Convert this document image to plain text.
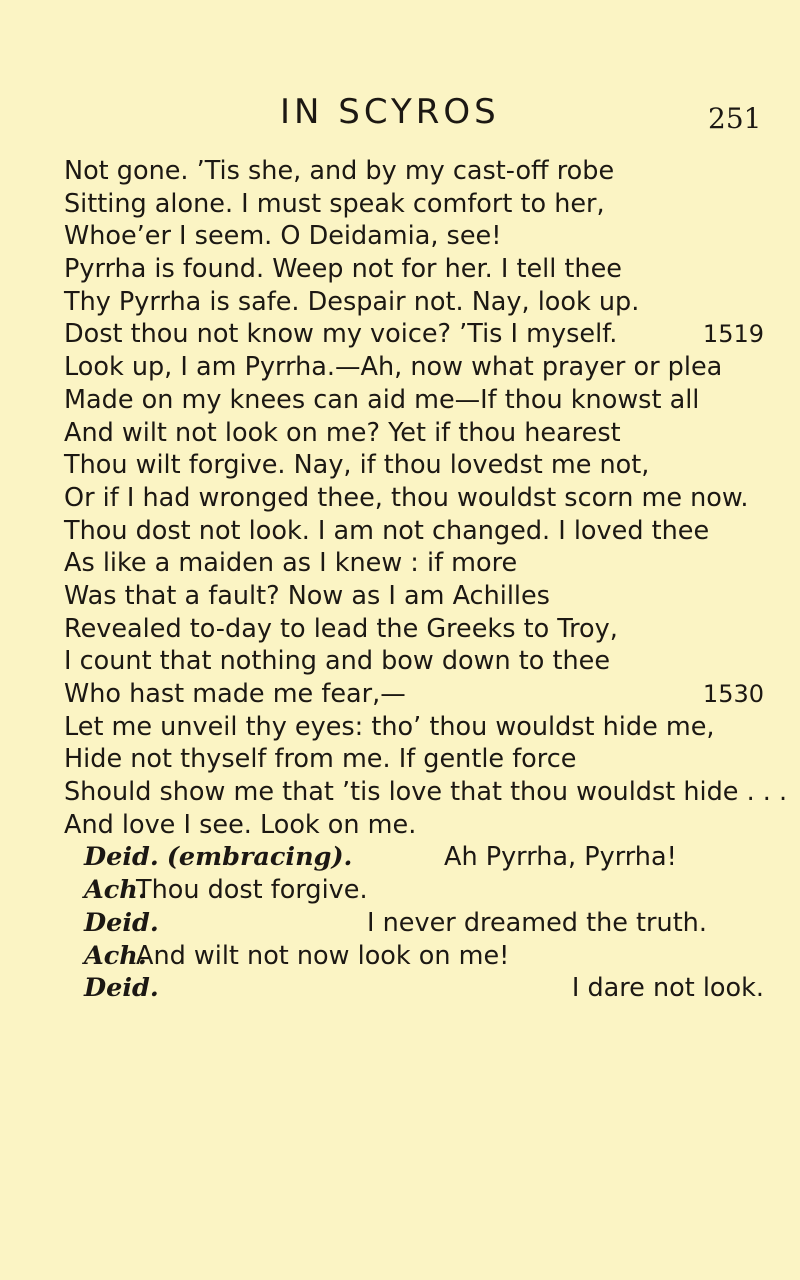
IN SCYROS	251
Not gone. ’Tis she, and by my cast-off robe
Sitting alone. I must speak comfort to her,
Whoe’er I seem. O Deidamia, see!
Pyrrha is found. Weep not for her. I tell thee
Thy Pyrrha is safe. Despair not. Nay, look up.
Dost thou not know my voice? ’Tis I myself.	1519
Look up, I am Pyrrha.—Ah, now what prayer or plea
Made on my knees can aid me—If thou knowst all
And wilt not look on me? Yet if thou hearest
Thou wilt forgive. Nay, if thou lovedst me not,
Or if I had wronged thee, thou wouldst scorn me now.
Thou dost not look. I am not changed. I loved thee
As like a maiden as I knew : if more
Was that a fault? Now as I am Achilles
Revealed to-day to lead the Greeks to Troy,
I count that nothing and bow down to thee
Who hast made me fear,—	1530
Let me unveil thy eyes: tho’ thou wouldst hide me,
Hide not thyself from me. If gentle force
Should show me that ’tis love that thou wouldst hide . . .
And love I see. Look on me.
Deid. (embracing).	Ah Pyrrha, Pyrrha!
Ach.
Thou dost forgive.
Deid.	I never dreamed the truth.
Ach.
And wilt not now look on me!
Deid.	I dare not look.
